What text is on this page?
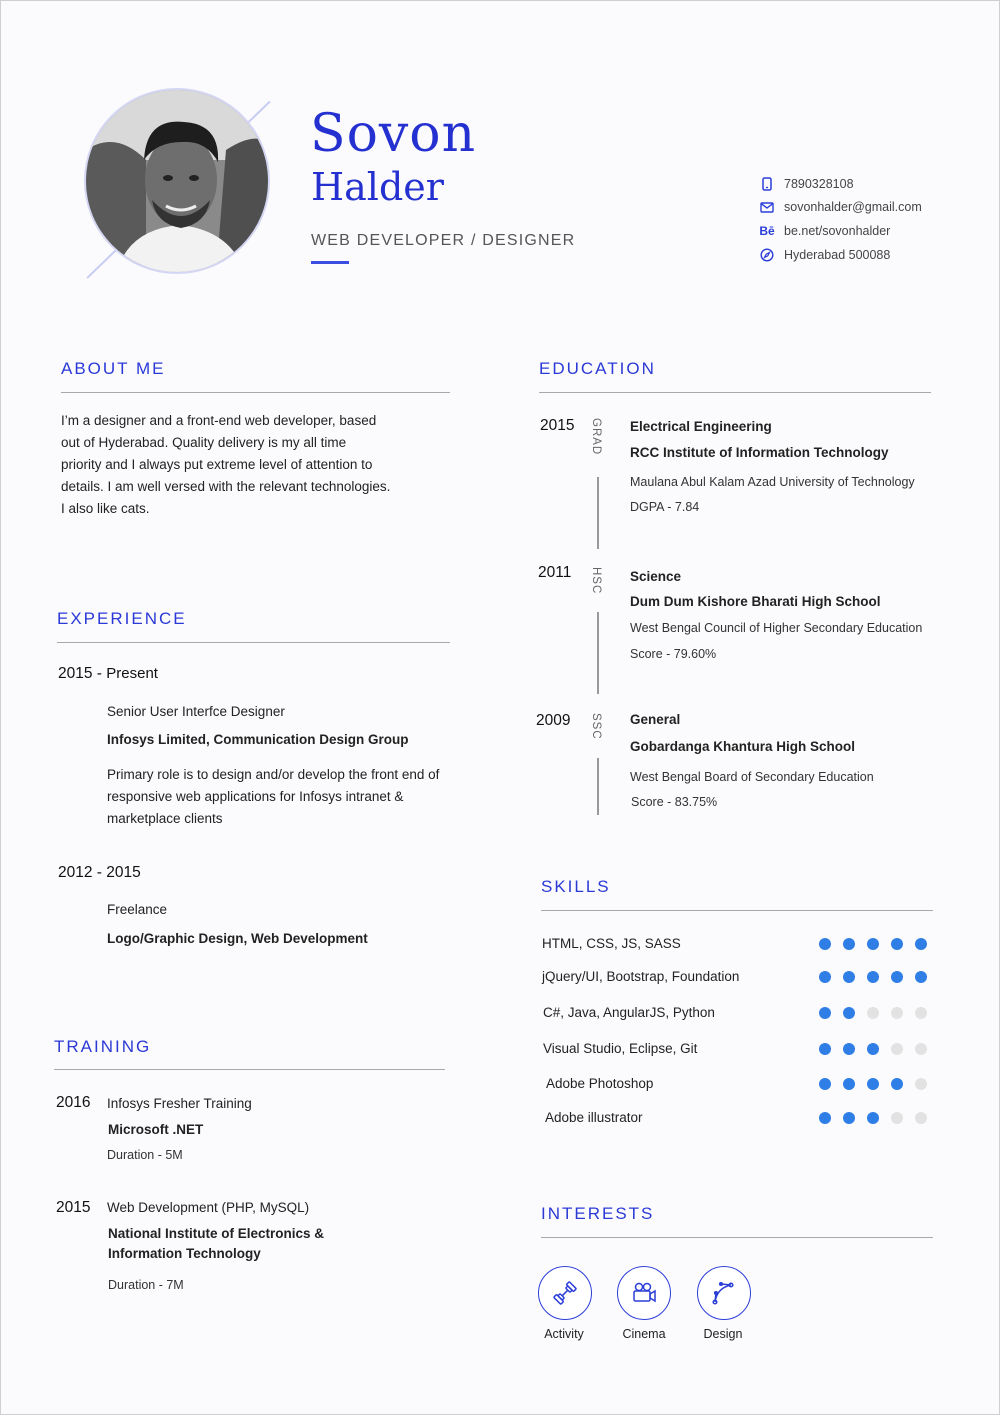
Sovon
Halder
WEB DEVELOPER / DESIGNER
7890328108
sovonhalder@gmail.com
Bē be.net/sovonhalder
Hyderabad 500088
ABOUT ME
I’m a designer and a front-end web developer, based
out of Hyderabad. Quality delivery is my all time
priority and I always put extreme level of attention to
details. I am well versed with the relevant technologies.
I also like cats.
EXPERIENCE
2015 - Present
Senior User Interfce Designer
Infosys Limited, Communication Design Group
Primary role is to design and/or develop the front end of
responsive web applications for Infosys intranet &
marketplace clients
2012 - 2015
Freelance
Logo/Graphic Design, Web Development
TRAINING
2016 Infosys Fresher Training
Microsoft .NET
Duration - 5M
2015 Web Development (PHP, MySQL)
National Institute of Electronics &
Information Technology
Duration - 7M
EDUCATION
2015 GRAD Electrical Engineering
RCC Institute of Information Technology
Maulana Abul Kalam Azad University of Technology
DGPA - 7.84
2011 HSC Science
Dum Dum Kishore Bharati High School
West Bengal Council of Higher Secondary Education
Score - 79.60%
2009 SSC General
Gobardanga Khantura High School
West Bengal Board of Secondary Education
Score - 83.75%
SKILLS
HTML, CSS, JS, SASS
jQuery/UI, Bootstrap, Foundation
C#, Java, AngularJS, Python
Visual Studio, Eclipse, Git
Adobe Photoshop
Adobe illustrator
INTERESTS
Activity	Cinema	Design
